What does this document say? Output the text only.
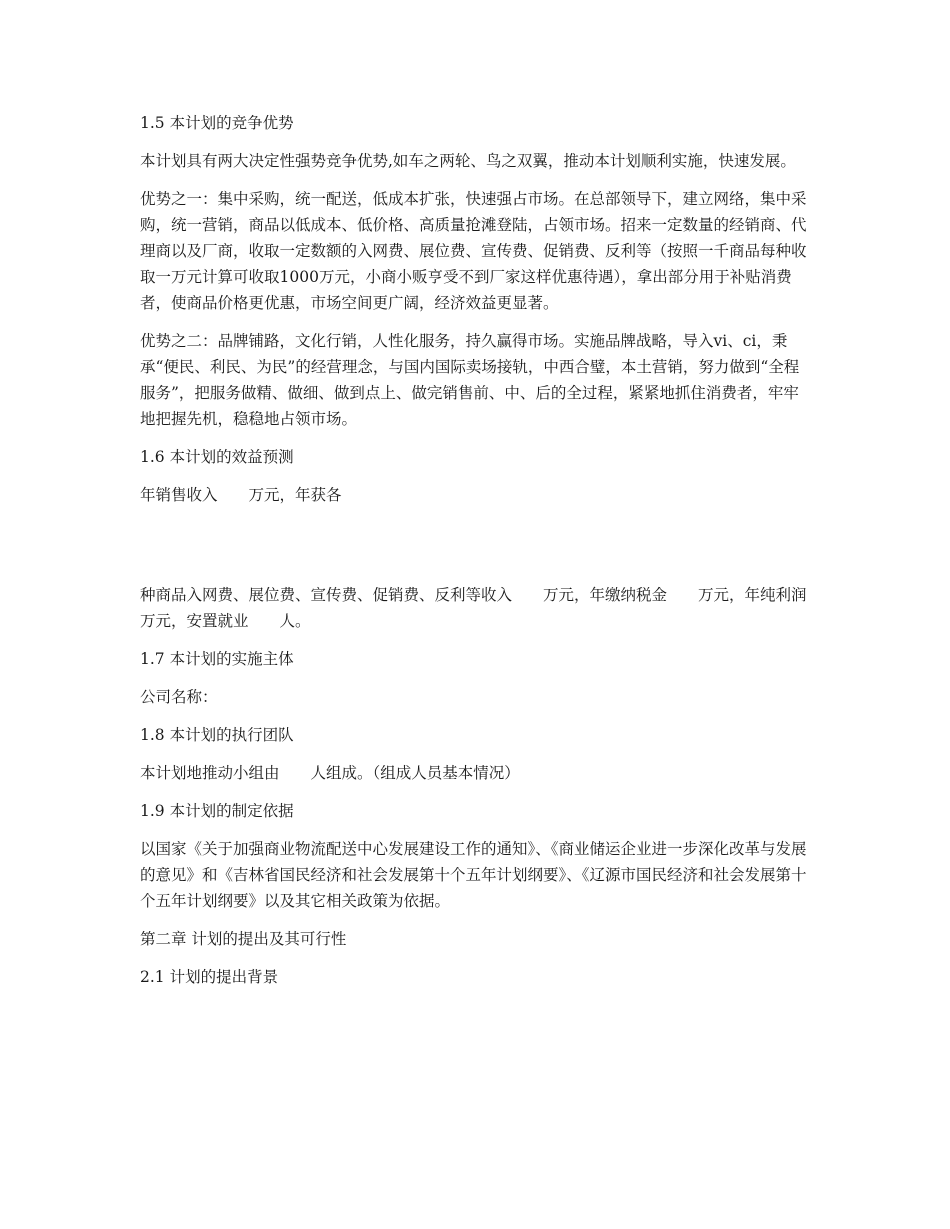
1.5 本计划的竞争优势
本计划具有两大决定性强势竞争优势,如车之两轮、鸟之双翼，推动本计划顺利实施，快速发展。
优势之一：集中采购，统一配送，低成本扩张，快速强占市场。在总部领导下，建立网络，集中采购，统一营销，商品以低成本、低价格、高质量抢滩登陆，占领市场。招来一定数量的经销商、代理商以及厂商，收取一定数额的入网费、展位费、宣传费、促销费、反利等（按照一千商品每种收取一万元计算可收取1000万元，小商小贩亨受不到厂家这样优惠待遇），拿出部分用于补贴消费者，使商品价格更优惠，市场空间更广阔，经济效益更显著。
优势之二：品牌铺路，文化行销，人性化服务，持久赢得市场。实施品牌战略，导入vi、ci，秉承“便民、利民、为民”的经营理念，与国内国际卖场接轨，中西合璧，本土营销，努力做到“全程服务”，把服务做精、做细、做到点上、做完销售前、中、后的全过程，紧紧地抓住消费者，牢牢地把握先机，稳稳地占领市场。
1.6 本计划的效益预测
年销售收入　　万元，年获各
种商品入网费、展位费、宣传费、促销费、反利等收入　　万元，年缴纳税金　　万元，年纯利润　　万元，安置就业　　人。
1.7 本计划的实施主体
公司名称：
1.8 本计划的执行团队
本计划地推动小组由　　人组成。（组成人员基本情况）
1.9 本计划的制定依据
以国家《关于加强商业物流配送中心发展建设工作的通知》、《商业储运企业进一步深化改革与发展的意见》和《吉林省国民经济和社会发展第十个五年计划纲要》、《辽源市国民经济和社会发展第十个五年计划纲要》以及其它相关政策为依据。
第二章 计划的提出及其可行性
2.1 计划的提出背景
